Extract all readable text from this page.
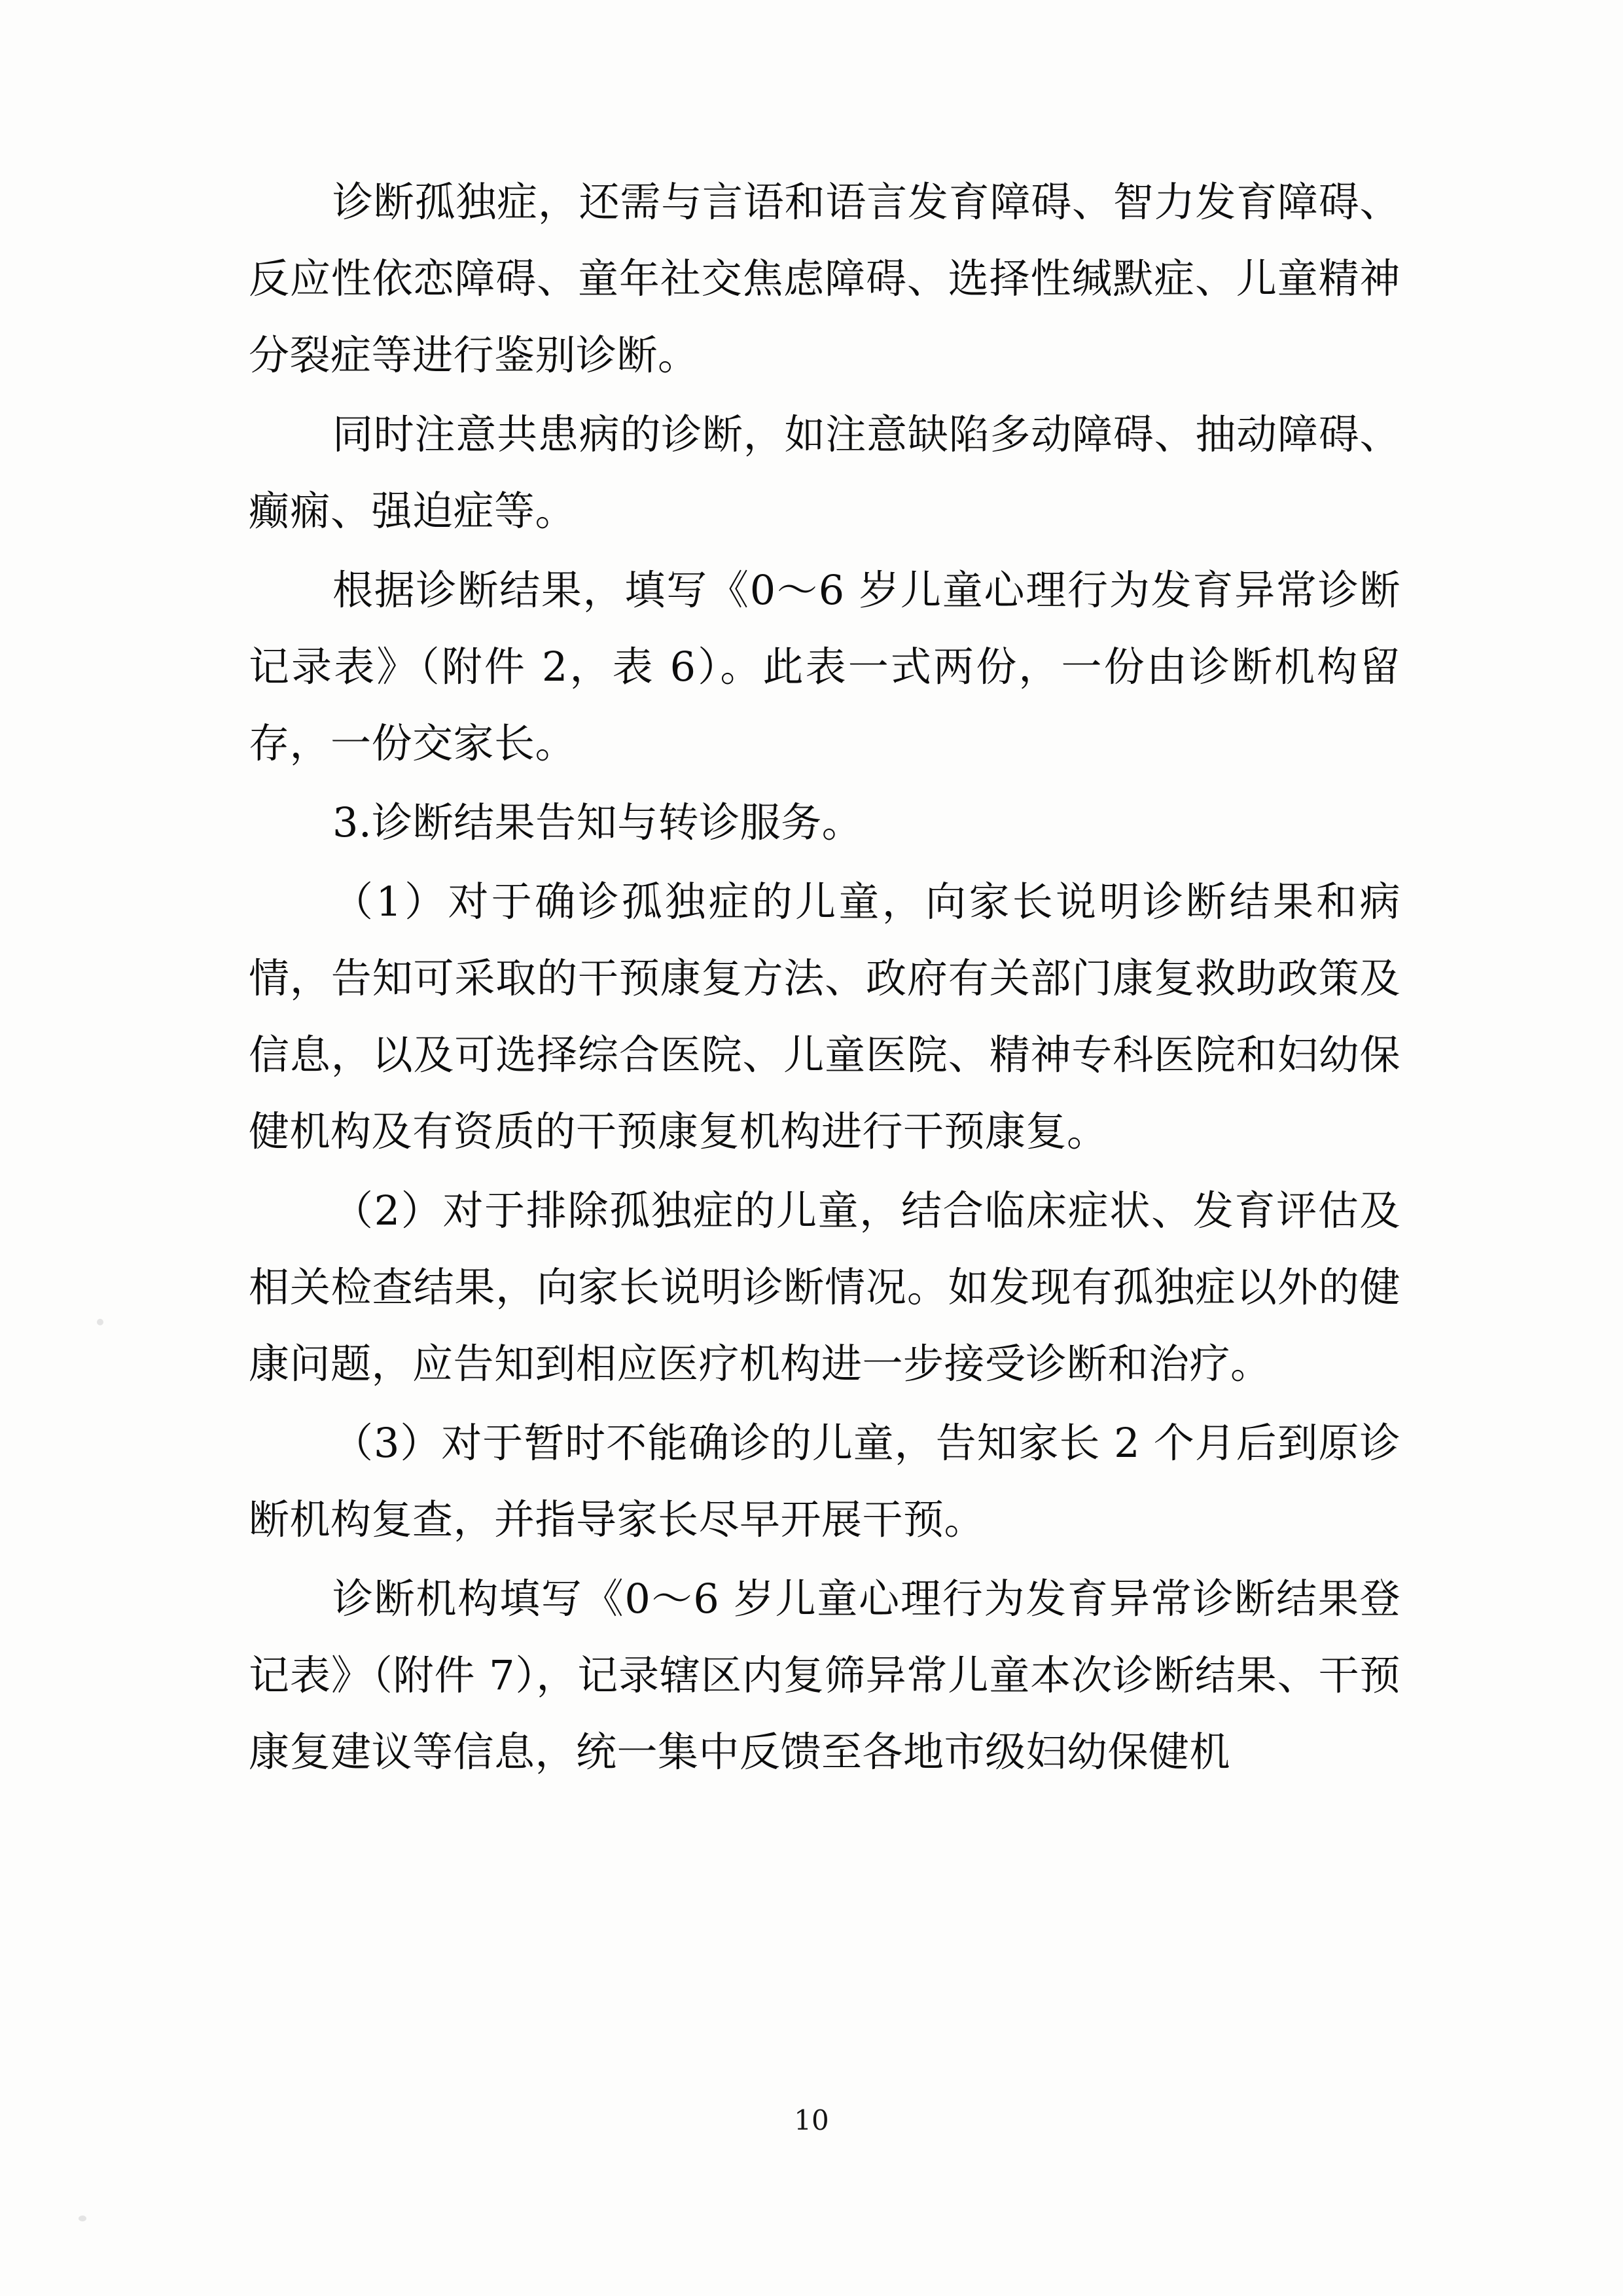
诊断孤独症，还需与言语和语言发育障碍、智力发育障碍、反应性依恋障碍、童年社交焦虑障碍、选择性缄默症、儿童精神分裂症等进行鉴别诊断。

同时注意共患病的诊断，如注意缺陷多动障碍、抽动障碍、癫痫、强迫症等。

根据诊断结果，填写《0～6 岁儿童心理行为发育异常诊断记录表》（附件 2，表 6）。此表一式两份，一份由诊断机构留存，一份交家长。

3.诊断结果告知与转诊服务。

（1）对于确诊孤独症的儿童，向家长说明诊断结果和病情，告知可采取的干预康复方法、政府有关部门康复救助政策及信息，以及可选择综合医院、儿童医院、精神专科医院和妇幼保健机构及有资质的干预康复机构进行干预康复。

（2）对于排除孤独症的儿童，结合临床症状、发育评估及相关检查结果，向家长说明诊断情况。如发现有孤独症以外的健康问题，应告知到相应医疗机构进一步接受诊断和治疗。

（3）对于暂时不能确诊的儿童，告知家长 2 个月后到原诊断机构复查，并指导家长尽早开展干预。

诊断机构填写《0～6 岁儿童心理行为发育异常诊断结果登记表》（附件 7），记录辖区内复筛异常儿童本次诊断结果、干预康复建议等信息，统一集中反馈至各地市级妇幼保健机

10
